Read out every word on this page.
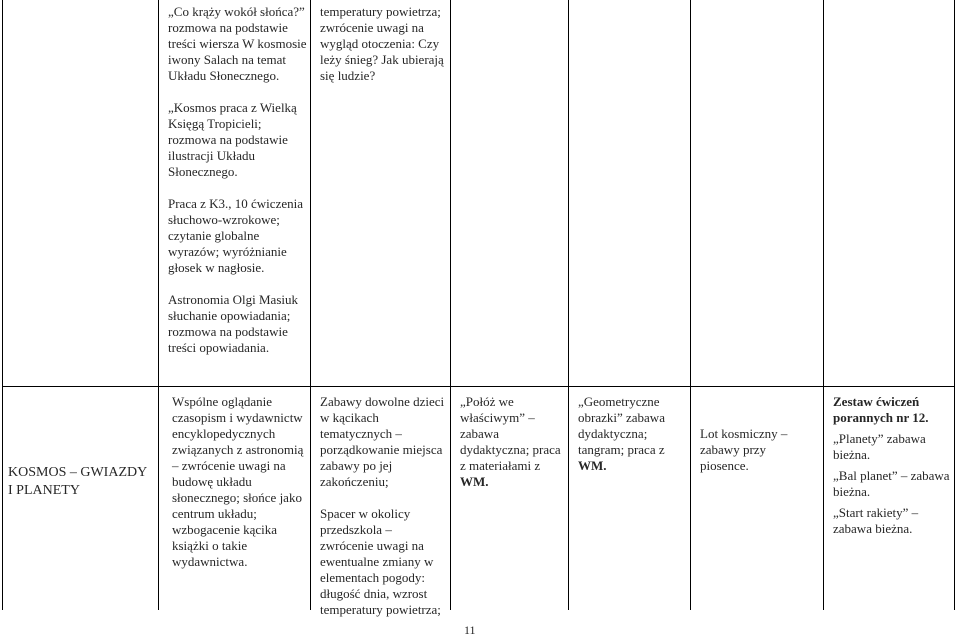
„Co krąży wokół słońca?” rozmowa na podstawie treści wiersza W kosmosie iwony Salach na temat Układu Słonecznego.

„Kosmos praca z Wielką Księgą Tropicieli; rozmowa na podstawie ilustracji Układu Słonecznego.

Praca z K3., 10 ćwiczenia słuchowo-wzrokowe; czytanie globalne wyrazów; wyróżnianie głosek w nagłosie.

Astronomia Olgi Masiuk słuchanie opowiadania; rozmowa na podstawie treści opowiadania.

temperatury powietrza; zwrócenie uwagi na wygląd otoczenia: Czy leży śnieg? Jak ubierają się ludzie?

KOSMOS – GWIAZDY I PLANETY

Wspólne oglądanie czasopism i wydawnictw encyklopedycznych związanych z astronomią – zwrócenie uwagi na budowę układu słonecznego; słońce jako centrum układu; wzbogacenie kącika książki o takie wydawnictwa.

Zabawy dowolne dzieci w kącikach tematycznych – porządkowanie miejsca zabawy po jej zakończeniu;

Spacer w okolicy przedszkola – zwrócenie uwagi na ewentualne zmiany w elementach pogody: długość dnia, wzrost temperatury powietrza;

„Połóż we właściwym” – zabawa dydaktyczna; praca z materiałami z WM.

„Geometryczne obrazki” zabawa dydaktyczna; tangram; praca z WM.

Lot kosmiczny – zabawy przy piosence.

Zestaw ćwiczeń porannych nr 12.

„Planety” zabawa bieżna.

„Bal planet” – zabawa bieżna.

„Start rakiety” – zabawa bieżna.

11
